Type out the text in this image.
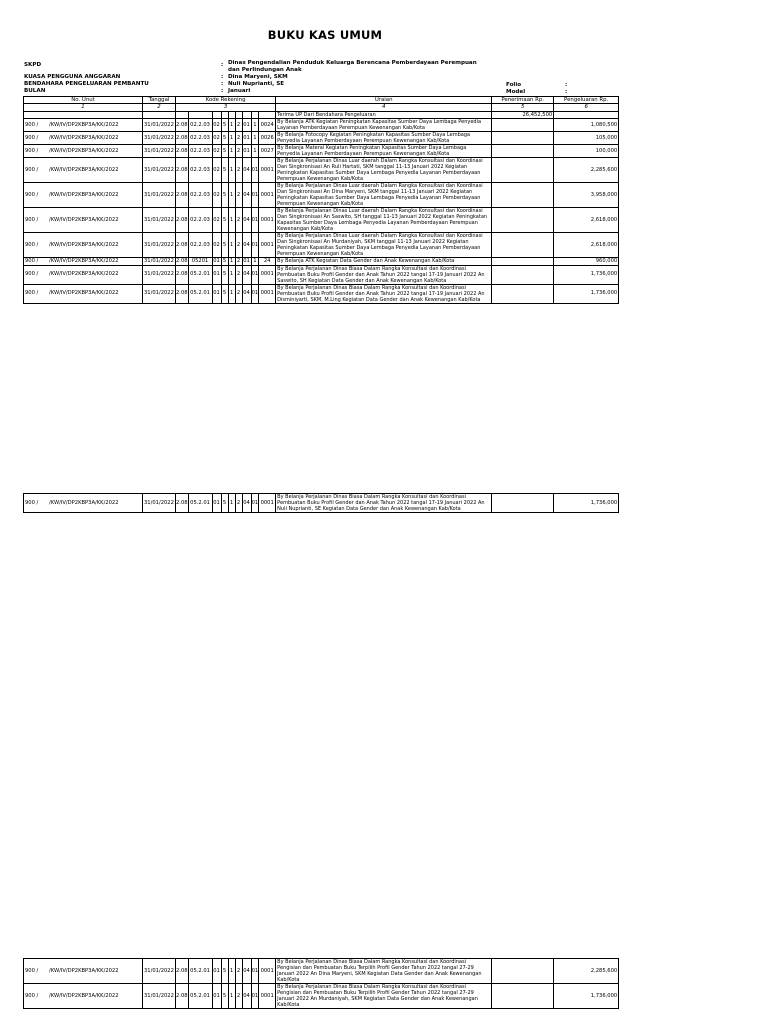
BUKU KAS UMUM
SKPD	: Dinas Pengendalian Penduduk Keluarga Berencana Pemberdayaan Perempuan dan Perlindungan Anak
KUASA PENGGUNA ANGGARAN	: Dina Maryeni, SKM
BENDAHARA PENGELUARAN PEMBANTU	: Nuli Nuprianti, SE
BULAN	: Januari
Folio	:
Model	:
No. Unut	Tanggal	Kode Rekening									Uraian	Penerimaan Rp.	Pengeluaran Rp.
1	2	3									4	5	6
											Terima UP Dari Bendahara Pengeluaran	26,452,500	
900 / /KW/IV/DP2KBP3A/KK/2022	31/01/2022	2.08	02.2.03	02	5	1	2	01	1	0024	By Belanja ATK Kegiatan Peningkatan Kapasitas Sumber Daya Lembaga Penyedia Layanan Pemberdayaan Perempuan Kewenangan Kab/Kota		1,080,500
900 / /KW/IV/DP2KBP3A/KK/2022	31/01/2022	2.08	02.2.03	02	5	1	2	01	1	0026	By Belanja Fotocopy Kegiatan Peningkatan Kapasitas Sumber Daya Lembaga Penyedia Layanan Pemberdayaan Perempuan Kewenangan Kab/Kota		105,000
900 / /KW/IV/DP2KBP3A/KK/2022	31/01/2022	2.08	02.2.03	02	5	1	2	01	1	0027	By Belanja Materai Kegiatan Peningkatan Kapasitas Sumber Daya Lembaga Penyedia Layanan Pemberdayaan Perempuan Kewenangan Kab/Kota		100,000
900 / /KW/IV/DP2KBP3A/KK/2022	31/01/2022	2.08	02.2.03	02	5	1	2	04	01	0001	By Belanja Perjalanan Dinas Luar daerah Dalam Rangka Konsultasi dan Koordinasi Dan Singkronisasi An Ruli Hartati, SKM tanggal 11-13 Januari 2022 Kegiatan Peningkatan Kapasitas Sumber Daya Lembaga Penyedia Layanan Pemberdayaan Perempuan Kewenangan Kab/Kota		2,285,600
900 / /KW/IV/DP2KBP3A/KK/2022	31/01/2022	2.08	02.2.03	02	5	1	2	04	01	0001	By Belanja Perjalanan Dinas Luar daerah Dalam Rangka Konsultasi dan Koordinasi Dan Singkronisasi An Dina Maryeni, SKM tanggal 11-13 Januari 2022 Kegiatan Peningkatan Kapasitas Sumber Daya Lembaga Penyedia Layanan Pemberdayaan Perempuan Kewenangan Kab/Kota		3,958,000
900 / /KW/IV/DP2KBP3A/KK/2022	31/01/2022	2.08	02.2.03	02	5	1	2	04	01	0001	By Belanja Perjalanan Dinas Luar daerah Dalam Rangka Konsultasi dan Koordinasi Dan Singkronisasi An Saswito, SH tanggal 11-13 Januari 2022 Kegiatan Peningkatan Kapasitas Sumber Daya Lembaga Penyedia Layanan Pemberdayaan Perempuan Kewenangan Kab/Kota		2,618,000
900 / /KW/IV/DP2KBP3A/KK/2022	31/01/2022	2.08	02.2.03	02	5	1	2	04	01	0001	By Belanja Perjalanan Dinas Luar daerah Dalam Rangka Konsultasi dan Koordinasi Dan Singkronisasi An Murdaniyah, SKM tanggal 11-13 Januari 2022 Kegiatan Peningkatan Kapasitas Sumber Daya Lembaga Penyedia Layanan Pemberdayaan Perempuan Kewenangan Kab/Kota		2,618,000
900 / /KW/IV/DP2KBP3A/KK/2022	31/01/2022	2.08	05201	01	5	1	2	01	1	24	By Belanja ATK Kegiatan Data Gender dan Anak Kewenangan Kab/Kota		960,000
900 / /KW/IV/DP2KBP3A/KK/2022	31/01/2022	2.08	05.2.01	01	5	1	2	04	01	0001	By Belanja Perjalanan Dinas Biasa Dalam Rangka Konsultasi dan Koordinasi Pembuatan Buku Profil Gender dan Anak Tahun 2022 tangal 17-19 Januari 2022 An Saswito, SH Kegiatan Data Gender dan Anak Kewenangan Kab/Kota		1,736,000
900 / /KW/IV/DP2KBP3A/KK/2022	31/01/2022	2.08	05.2.01	01	5	1	2	04	01	0001	By Belanja Perjalanan Dinas Biasa Dalam Rangka Konsultasi dan Koordinasi Pembuatan Buku Profil Gender dan Anak Tahun 2022 tangal 17-19 Januari 2022 An Disminiyarti, SKM, M.Ling Kegiatan Data Gender dan Anak Kewenangan Kab/Kota		1,736,000
900 / /KW/IV/DP2KBP3A/KK/2022	31/01/2022	2.08	05.2.01	01	5	1	2	04	01	0001	By Belanja Perjalanan Dinas Biasa Dalam Rangka Konsultasi dan Koordinasi Pembuatan Buku Profil Gender dan Anak Tahun 2022 tangal 17-19 Januari 2022 An Nuli Nuprianti, SE Kegiatan Data Gender dan Anak Kewenangan Kab/Kota		1,736,000
900 / /KW/IV/DP2KBP3A/KK/2022	31/01/2022	2.08	05.2.01	01	5	1	2	04	01	0001	By Belanja Perjalanan Dinas Biasa Dalam Rangka Konsultasi dan Koordinasi Pengisian dan Pembuatan Buku Terpilih Profil Gender Tahun 2022 tangal 27-29 Januari 2022 An Dina Maryeni, SKM Kegiatan Data Gender dan Anak Kewenangan Kab/Kota		2,285,600
900 / /KW/IV/DP2KBP3A/KK/2022	31/01/2022	2.08	05.2.01	01	5	1	2	04	01	0001	By Belanja Perjalanan Dinas Biasa Dalam Rangka Konsultasi dan Koordinasi Pengisian dan Pembuatan Buku Terpilih Profil Gender Tahun 2022 tangal 27-29 Januari 2022 An Murdaniyah, SKM Kegiatan Data Gender dan Anak Kewenangan Kab/Kota		1,736,000
